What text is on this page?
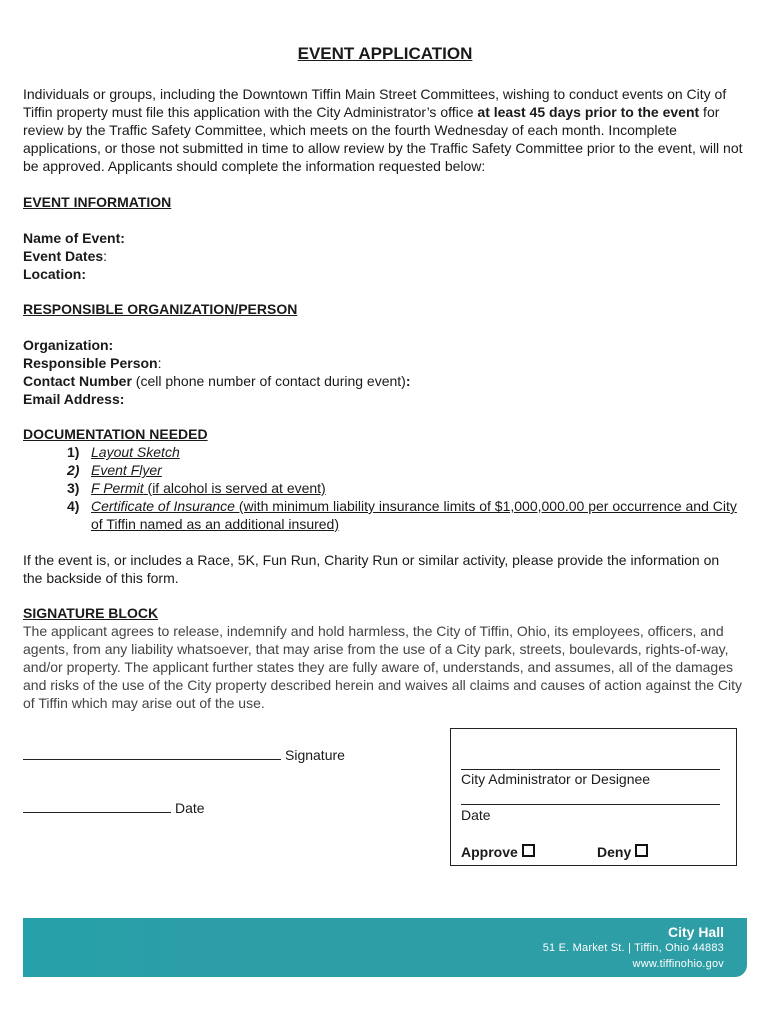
EVENT APPLICATION
Individuals or groups, including the Downtown Tiffin Main Street Committees, wishing to conduct events on City of Tiffin property must file this application with the City Administrator’s office at least 45 days prior to the event for review by the Traffic Safety Committee, which meets on the fourth Wednesday of each month. Incomplete applications, or those not submitted in time to allow review by the Traffic Safety Committee prior to the event, will not be approved. Applicants should complete the information requested below:
EVENT INFORMATION
Name of Event:
Event Dates:
Location:
RESPONSIBLE ORGANIZATION/PERSON
Organization:
Responsible Person:
Contact Number (cell phone number of contact during event):
Email Address:
DOCUMENTATION NEEDED
1) Layout Sketch
2) Event Flyer
3) F Permit (if alcohol is served at event)
4) Certificate of Insurance (with minimum liability insurance limits of $1,000,000.00 per occurrence and City of Tiffin named as an additional insured)
If the event is, or includes a Race, 5K, Fun Run, Charity Run or similar activity, please provide the information on the backside of this form.
SIGNATURE BLOCK
The applicant agrees to release, indemnify and hold harmless, the City of Tiffin, Ohio, its employees, officers, and agents, from any liability whatsoever, that may arise from the use of a City park, streets, boulevards, rights-of-way, and/or property. The applicant further states they are fully aware of, understands, and assumes, all of the damages and risks of the use of the City property described herein and waives all claims and causes of action against the City of Tiffin which may arise out of the use.
Signature
Date
City Administrator or Designee
Date
Approve	Deny
City Hall
51 E. Market St. | Tiffin, Ohio 44883
www.tiffinohio.gov
